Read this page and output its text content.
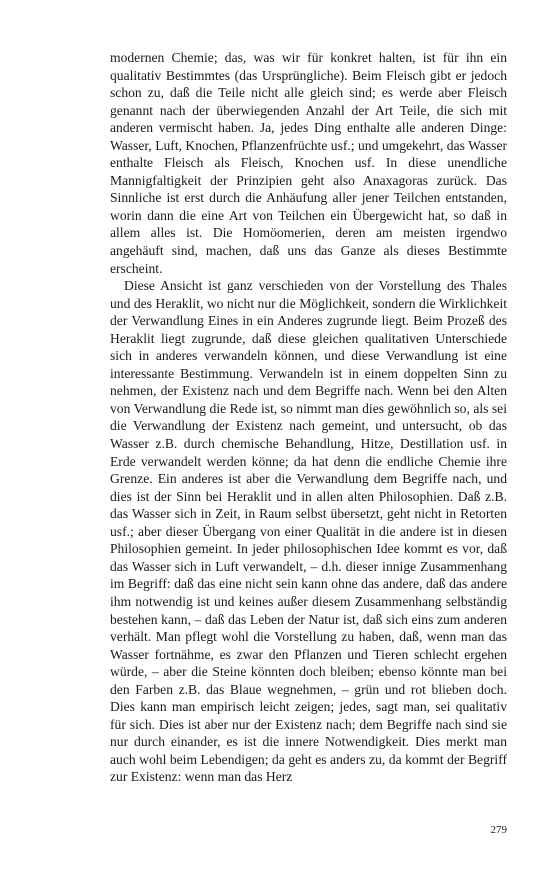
modernen Chemie; das, was wir für konkret halten, ist für ihn ein qualitativ Bestimmtes (das Ursprüngliche). Beim Fleisch gibt er jedoch schon zu, daß die Teile nicht alle gleich sind; es werde aber Fleisch genannt nach der überwiegenden Anzahl der Art Teile, die sich mit anderen vermischt haben. Ja, jedes Ding enthalte alle anderen Dinge: Wasser, Luft, Knochen, Pflanzenfrüchte usf.; und umgekehrt, das Wasser enthalte Fleisch als Fleisch, Knochen usf. In diese unendliche Mannigfaltigkeit der Prinzipien geht also Anaxagoras zurück. Das Sinnliche ist erst durch die Anhäufung aller jener Teilchen entstanden, worin dann die eine Art von Teilchen ein Übergewicht hat, so daß in allem alles ist. Die Homöomerien, deren am meisten irgendwo angehäuft sind, machen, daß uns das Ganze als dieses Bestimmte erscheint.

Diese Ansicht ist ganz verschieden von der Vorstellung des Thales und des Heraklit, wo nicht nur die Möglichkeit, sondern die Wirklichkeit der Verwandlung Eines in ein Anderes zugrunde liegt. Beim Prozeß des Heraklit liegt zugrunde, daß diese gleichen qualitativen Unterschiede sich in anderes verwandeln können, und diese Verwandlung ist eine interessante Bestimmung. Verwandeln ist in einem doppelten Sinn zu nehmen, der Existenz nach und dem Begriffe nach. Wenn bei den Alten von Verwandlung die Rede ist, so nimmt man dies gewöhnlich so, als sei die Verwandlung der Existenz nach gemeint, und untersucht, ob das Wasser z.B. durch chemische Behandlung, Hitze, Destillation usf. in Erde verwandelt werden könne; da hat denn die endliche Chemie ihre Grenze. Ein anderes ist aber die Verwandlung dem Begriffe nach, und dies ist der Sinn bei Heraklit und in allen alten Philosophien. Daß z.B. das Wasser sich in Zeit, in Raum selbst übersetzt, geht nicht in Retorten usf.; aber dieser Übergang von einer Qualität in die andere ist in diesen Philosophien gemeint. In jeder philosophischen Idee kommt es vor, daß das Wasser sich in Luft verwandelt, – d.h. dieser innige Zusammenhang im Begriff: daß das eine nicht sein kann ohne das andere, daß das andere ihm notwendig ist und keines außer diesem Zusammenhang selbständig bestehen kann, – daß das Leben der Natur ist, daß sich eins zum anderen verhält. Man pflegt wohl die Vorstellung zu haben, daß, wenn man das Wasser fortnähme, es zwar den Pflanzen und Tieren schlecht ergehen würde, – aber die Steine könnten doch bleiben; ebenso könnte man bei den Farben z.B. das Blaue wegnehmen, – grün und rot blieben doch. Dies kann man empirisch leicht zeigen; jedes, sagt man, sei qualitativ für sich. Dies ist aber nur der Existenz nach; dem Begriffe nach sind sie nur durch einander, es ist die innere Notwendigkeit. Dies merkt man auch wohl beim Lebendigen; da geht es anders zu, da kommt der Begriff zur Existenz: wenn man das Herz

279
